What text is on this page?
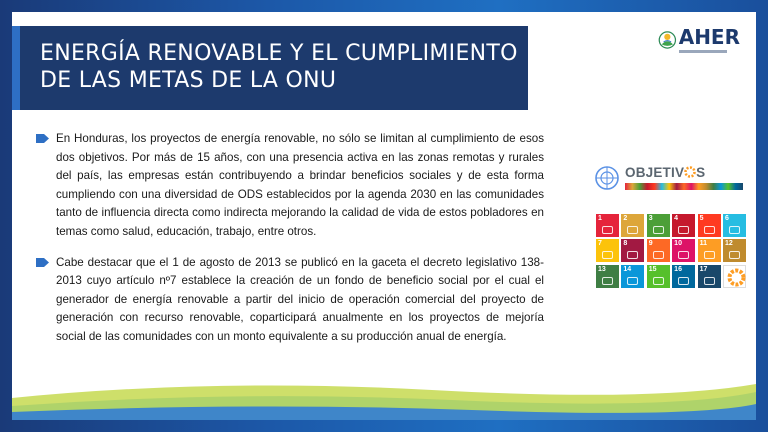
ENERGÍA RENOVABLE Y EL CUMPLIMIENTO
DE LAS METAS DE LA ONU
AHER
En Honduras, los proyectos de energía renovable, no sólo se limitan al cumplimiento de esos dos objetivos. Por más de 15 años, con una presencia activa en las zonas remotas y rurales del país, las empresas están contribuyendo a brindar beneficios sociales y de esta forma cumpliendo con una diversidad de ODS establecidos por la agenda 2030 en las comunidades tanto de influencia directa como indirecta mejorando la calidad de vida de estos pobladores en temas como salud, educación, trabajo, entre otros.
Cabe destacar que el 1 de agosto de 2013 se publicó en la gaceta el decreto legislativo 138-2013 cuyo artículo nº7 establece la creación de un fondo de beneficio social por el cual el generador de energía renovable a partir del inicio de operación comercial del proyecto de generación con recurso renovable, coparticipará anualmente en los proyectos de mejoría social de las comunidades con un monto equivalente a su producción anual de energía.
OBJETIV S
1	2	3	4	5	6
7	8	9	10	11	12
13	14	15	16	17
